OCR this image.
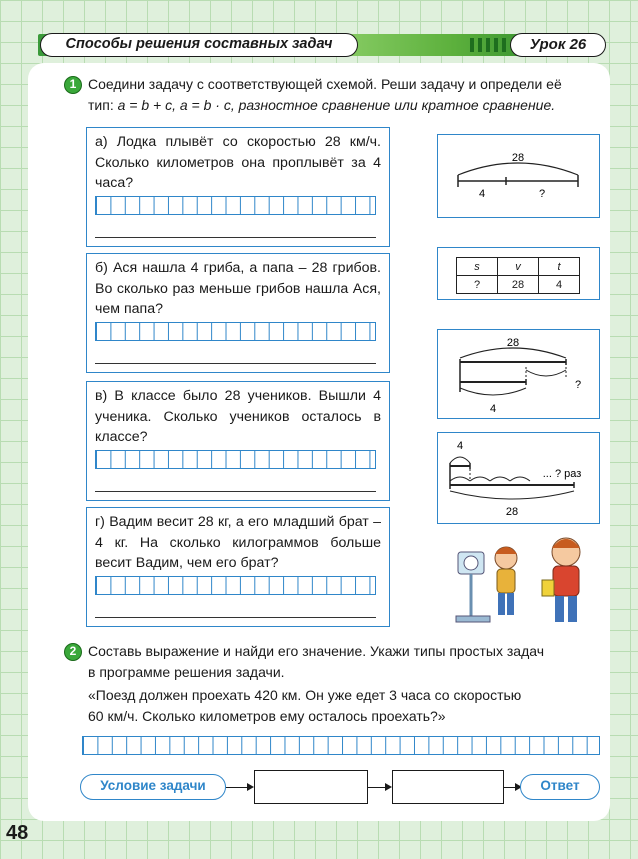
Способы решения составных задач	Урок 26
1 Соедини задачу с соответствующей схемой. Реши задачу и определи её
тип: a = b + c, a = b · c, разностное сравнение или кратное сравнение.
а) Лодка плывёт со скоростью 28 км/ч. Сколько километров она проплывёт за 4 часа?
б) Ася нашла 4 гриба, а папа – 28 грибов. Во сколько раз меньше грибов нашла Ася, чем папа?
в) В классе было 28 учеников. Вышли 4 ученика. Сколько учеников осталось в классе?
г) Вадим весит 28 кг, а его младший брат – 4 кг. На сколько килограммов больше весит Вадим, чем его брат?
28
4	?
s	v	t
?	28	4
28
?
4
4
... ? раз
28
2 Составь выражение и найди его значение. Укажи типы простых задач
в программе решения задачи.
«Поезд должен проехать 420 км. Он уже едет 3 часа со скоростью
60 км/ч. Сколько километров ему осталось проехать?»
Условие задачи	Ответ
48
